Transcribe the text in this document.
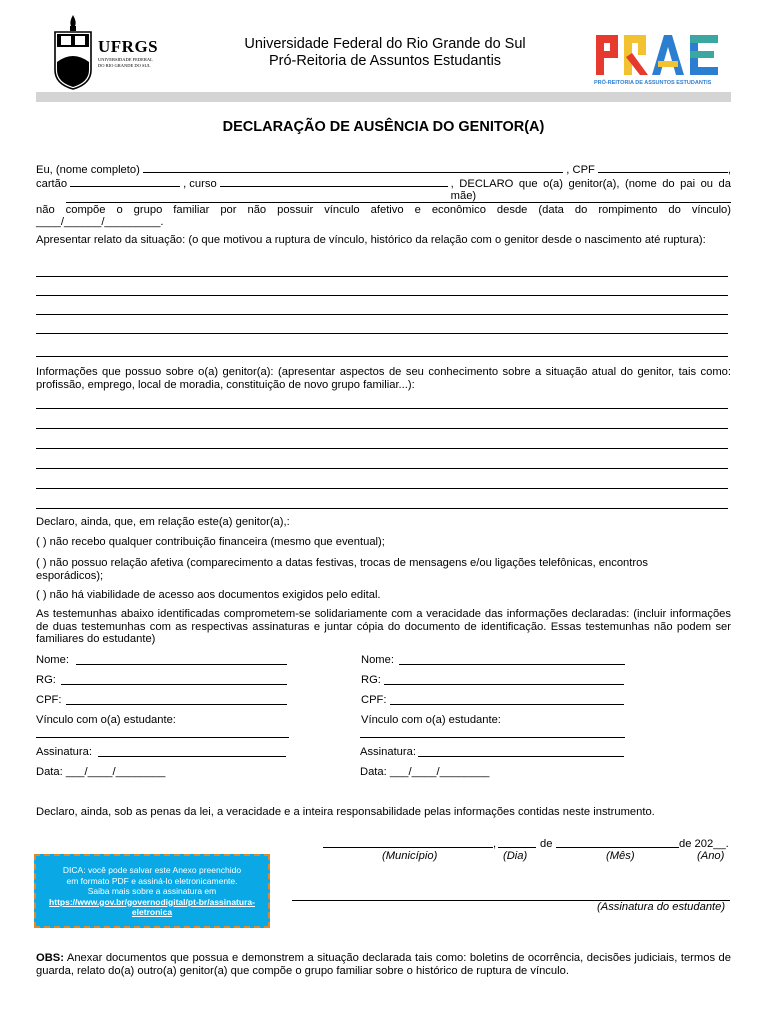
UFRGS
UNIVERSIDADE FEDERAL
DO RIO GRANDE DO SUL
Universidade Federal do Rio Grande do Sul
Pró-Reitoria de Assuntos Estudantis
PRÓ-REITORIA DE ASSUNTOS ESTUDANTIS
DECLARAÇÃO DE AUSÊNCIA DO GENITOR(A)
Eu, (nome completo)	, CPF	,
cartão	, curso	, DECLARO que o(a) genitor(a), (nome do pai ou da mãe)
não compõe o grupo familiar por não possuir vínculo afetivo e econômico desde (data do rompimento do vínculo)
____/______/_________.
Apresentar relato da situação: (o que motivou a ruptura de vínculo, histórico da relação com o genitor desde o nascimento até ruptura):
Informações que possuo sobre o(a) genitor(a): (apresentar aspectos de seu conhecimento sobre a situação atual do genitor, tais como: profissão, emprego, local de moradia, constituição de novo grupo familiar...):
Declaro, ainda, que, em relação este(a) genitor(a),:
( ) não recebo qualquer contribuição financeira (mesmo que eventual);
( ) não possuo relação afetiva (comparecimento a datas festivas, trocas de mensagens e/ou ligações telefônicas, encontros esporádicos);
( ) não há viabilidade de acesso aos documentos exigidos pelo edital.
As testemunhas abaixo identificadas comprometem-se solidariamente com a veracidade das informações declaradas: (incluir informações de duas testemunhas com as respectivas assinaturas e juntar cópia do documento de identificação. Essas testemunhas não podem ser familiares do estudante)
Nome:
RG:
CPF:
Vínculo com o(a) estudante:
Assinatura:
Data: ___/____/________
Nome:
RG:
CPF:
Vínculo com o(a) estudante:
Assinatura:
Data: ___/____/________
Declaro, ainda, sob as penas da lei, a veracidade e a inteira responsabilidade pelas informações contidas neste instrumento.
,	de	de 202__.
(Município)	(Dia)	(Mês)	(Ano)
DICA: você pode salvar este Anexo preenchido
em formato PDF e assiná-lo eletronicamente.
Saiba mais sobre a assinatura em
https://www.gov.br/governodigital/pt-br/assinatura-
eletronica	(Assinatura do estudante)
OBS: Anexar documentos que possua e demonstrem a situação declarada tais como: boletins de ocorrência, decisões judiciais, termos de guarda, relato do(a) outro(a) genitor(a) que compõe o grupo familiar sobre o histórico de ruptura de vínculo.
